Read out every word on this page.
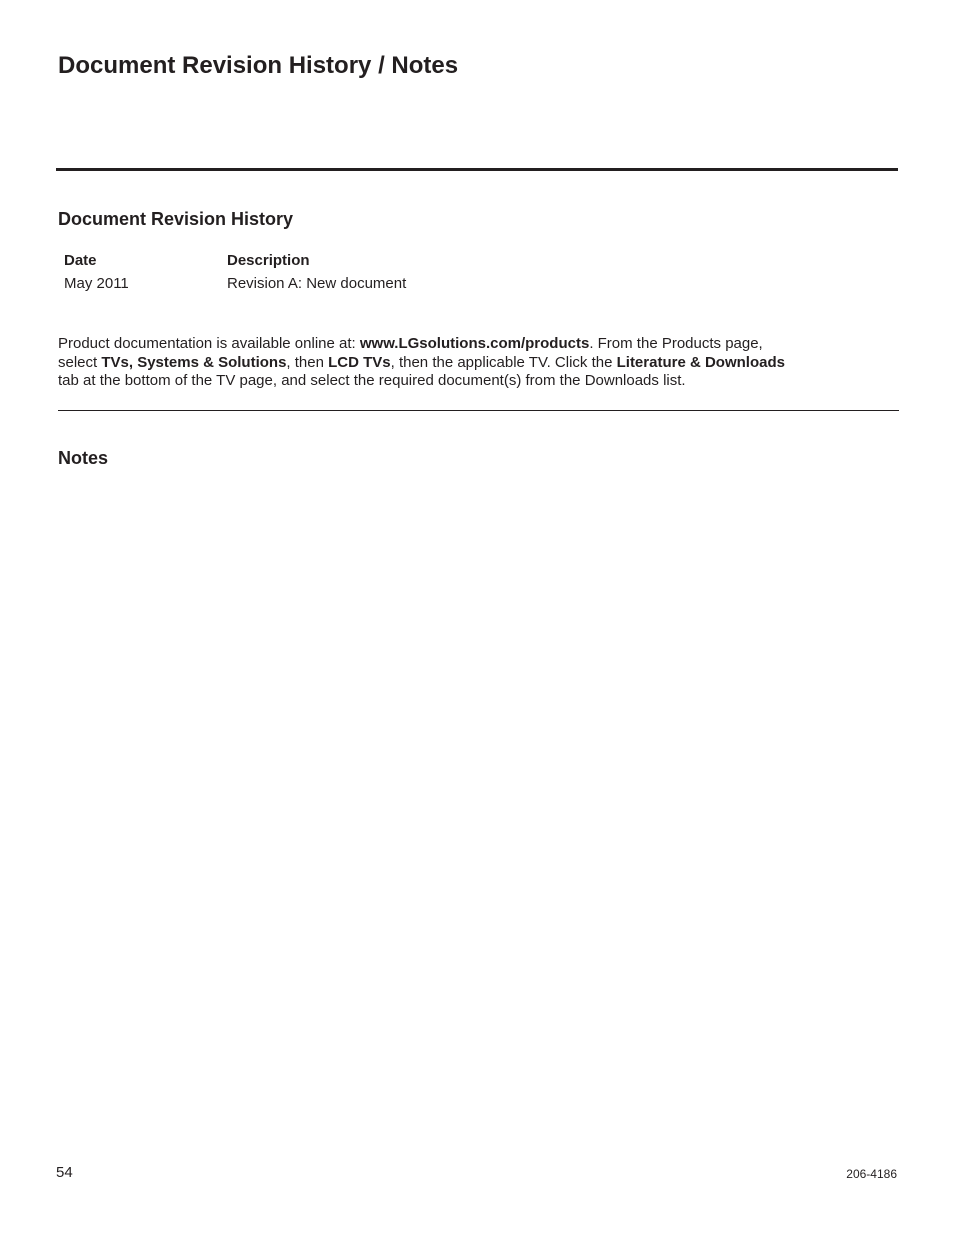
Document Revision History / Notes
Document Revision History
Date	Description
May 2011	Revision A: New document

Product documentation is available online at: www.LGsolutions.com/products. From the Products page,
select TVs, Systems & Solutions, then LCD TVs, then the applicable TV. Click the Literature & Downloads
tab at the bottom of the TV page, and select the required document(s) from the Downloads list.

Notes
54	206-4186
